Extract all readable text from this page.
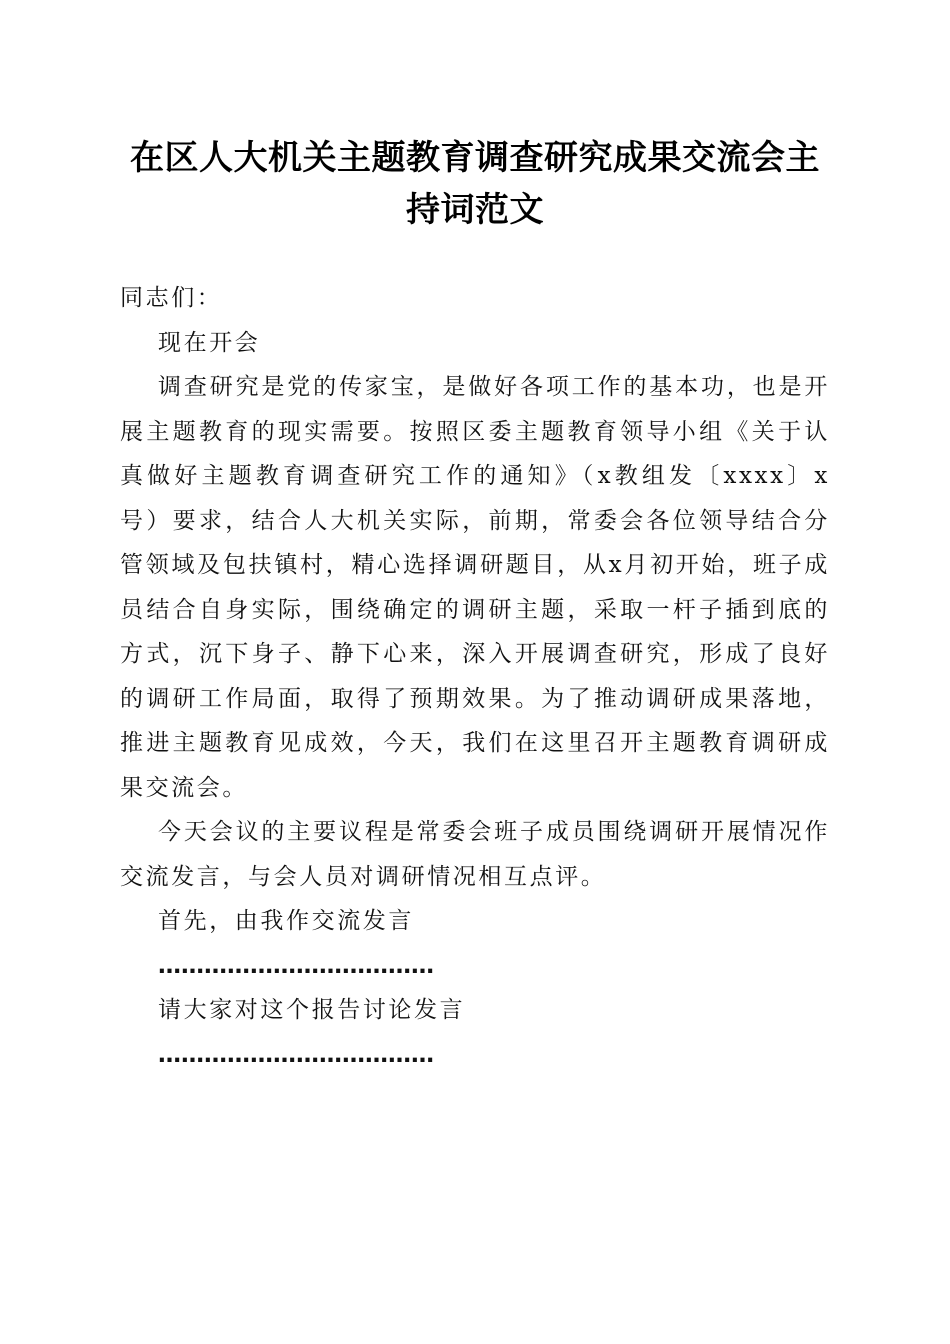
在区人大机关主题教育调查研究成果交流会主
持词范文

同志们：

现在开会

调查研究是党的传家宝，是做好各项工作的基本功，也是开展主题教育的现实需要。按照区委主题教育领导小组《关于认真做好主题教育调查研究工作的通知》（x教组发〔xxxx〕x号）要求，结合人大机关实际，前期，常委会各位领导结合分管领域及包扶镇村，精心选择调研题目，从x月初开始，班子成员结合自身实际，围绕确定的调研主题，采取一杆子插到底的方式，沉下身子、静下心来，深入开展调查研究，形成了良好的调研工作局面，取得了预期效果。为了推动调研成果落地，推进主题教育见成效，今天，我们在这里召开主题教育调研成果交流会。

今天会议的主要议程是常委会班子成员围绕调研开展情况作交流发言，与会人员对调研情况相互点评。

首先，由我作交流发言

………………………………

请大家对这个报告讨论发言

………………………………
